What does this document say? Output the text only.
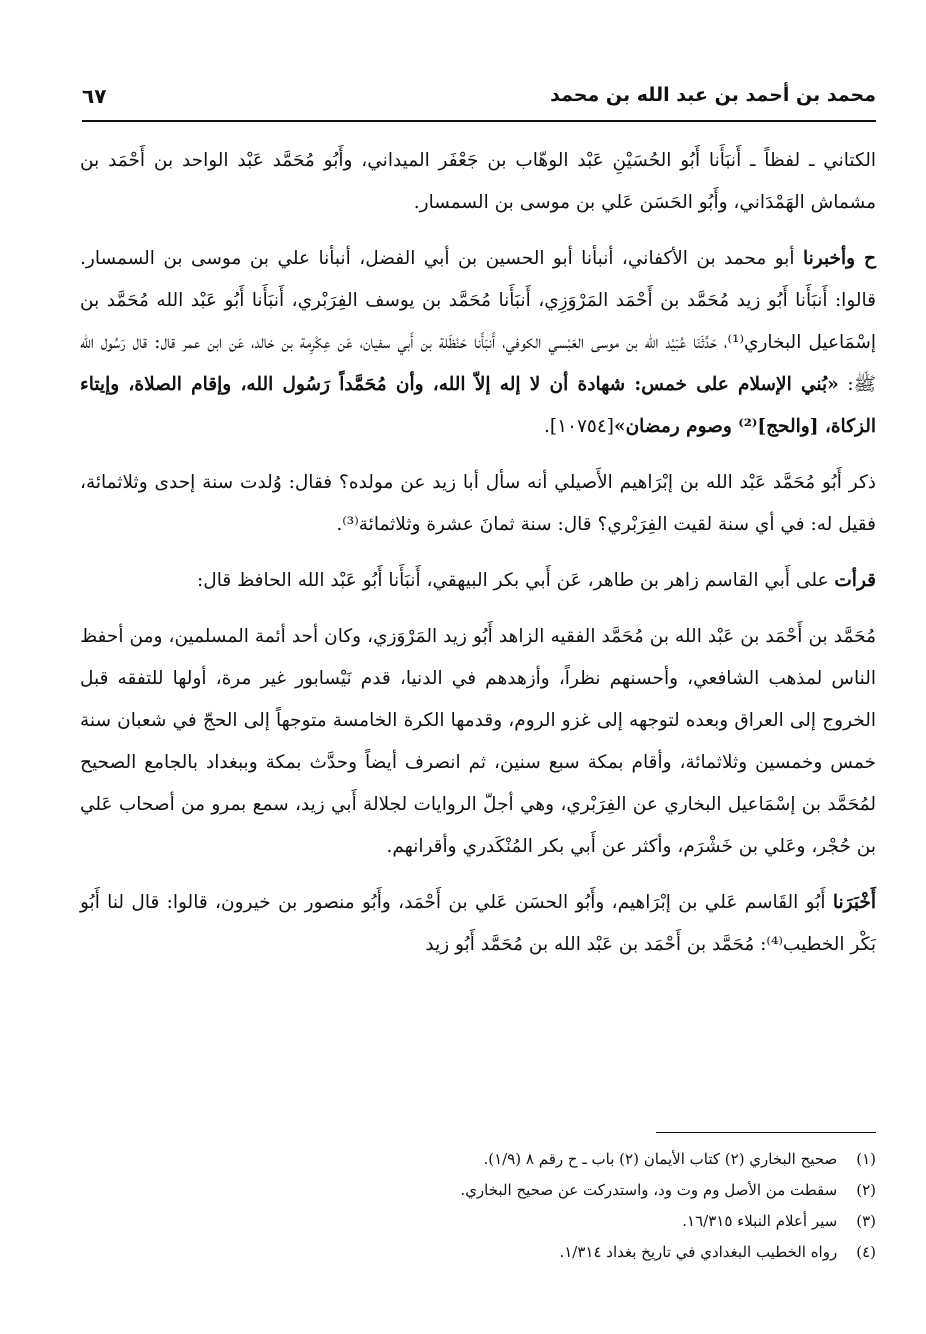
محمد بن أحمد بن عبد الله بن محمد
٦٧

الكتاني ـ لفظاً ـ أَنبَأَنا أَبُو الحُسَيْنِ عَبْد الوهّاب بن جَعْفَر الميداني، وأَبُو مُحَمَّد عَبْد الواحد بن أَحْمَد بن مشماش الهَمْدَاني، وأَبُو الحَسَن عَلي بن موسى بن السمسار.

ح وأخبرنا أبو محمد بن الأكفاني، أنبأنا أبو الحسين بن أبي الفضل، أنبأنا علي بن موسى بن السمسار. قالوا: أَنبَأَنا أَبُو زيد مُحَمَّد بن أَحْمَد المَرْوَزِي، أَنبَأَنا مُحَمَّد بن يوسف الفِرَبْري، أَنبَأَنا أَبُو عَبْد الله مُحَمَّد بن إسْمَاعيل البخاري⁽¹⁾، حَدَّثَنَا عُبَيْد الله بن موسى العَبْسي الكوفي، أَنبَأَنا حَنْظَلة بن أَبي سفيان، عَن عِكْرِمة بن خالد، عَن ابن عمر قال: قال رَسُول الله ﷺ: «بُني الإسلام على خمس: شهادة أن لا إله إلاّ الله، وأن مُحَمَّداً رَسُول الله، وإقام الصلاة، وإيتاء الزكاة، [والحج]⁽²⁾ وصوم رمضان»[١٠٧٥٤].

ذكر أَبُو مُحَمَّد عَبْد الله بن إبْرَاهيم الأَصيلي أنه سأل أبا زيد عن مولده؟ فقال: وُلدت سنة إحدى وثلاثمائة، فقيل له: في أي سنة لقيت الفِرَبْري؟ قال: سنة ثمانَ عشرة وثلاثمائة⁽³⁾.

قرأت على أَبي القاسم زاهر بن طاهر، عَن أَبي بكر البيهقي، أَنبَأَنا أَبُو عَبْد الله الحافظ قال:

مُحَمَّد بن أَحْمَد بن عَبْد الله بن مُحَمَّد الفقيه الزاهد أَبُو زيد المَرْوَزي، وكان أحد أئمة المسلمين، ومن أحفظ الناس لمذهب الشافعي، وأحسنهم نظراً، وأزهدهم في الدنيا، قدم نَيْسابور غير مرة، أولها للتفقه قبل الخروج إلى العراق وبعده لتوجهه إلى غزو الروم، وقدمها الكرة الخامسة متوجهاً إلى الحجّ في شعبان سنة خمس وخمسين وثلاثمائة، وأقام بمكة سبع سنين، ثم انصرف أيضاً وحدَّث بمكة وببغداد بالجامع الصحيح لمُحَمَّد بن إسْمَاعيل البخاري عن الفِرَبْري، وهي أجلّ الروايات لجلالة أَبي زيد، سمع بمرو من أصحاب عَلي بن حُجْر، وعَلي بن خَشْرَم، وأكثر عن أَبي بكر المُنْكَدري وأقرانهم.

أَخْبَرَنا أَبُو القَاسم عَلي بن إبْرَاهيم، وأَبُو الحسَن عَلي بن أَحْمَد، وأَبُو منصور بن خيرون، قالوا: قال لنا أَبُو بَكْر الخطيب⁽⁴⁾: مُحَمَّد بن أَحْمَد بن عَبْد الله بن مُحَمَّد أَبُو زيد

(١) صحيح البخاري (٢) كتاب الأيمان (٢) باب ـ ح رقم ٨ (١/٩).
(٢) سقطت من الأصل وم وت ود، واستدركت عن صحيح البخاري.
(٣) سير أعلام النبلاء ١٦/٣١٥.
(٤) رواه الخطيب البغدادي في تاريخ بغداد ١/٣١٤.
